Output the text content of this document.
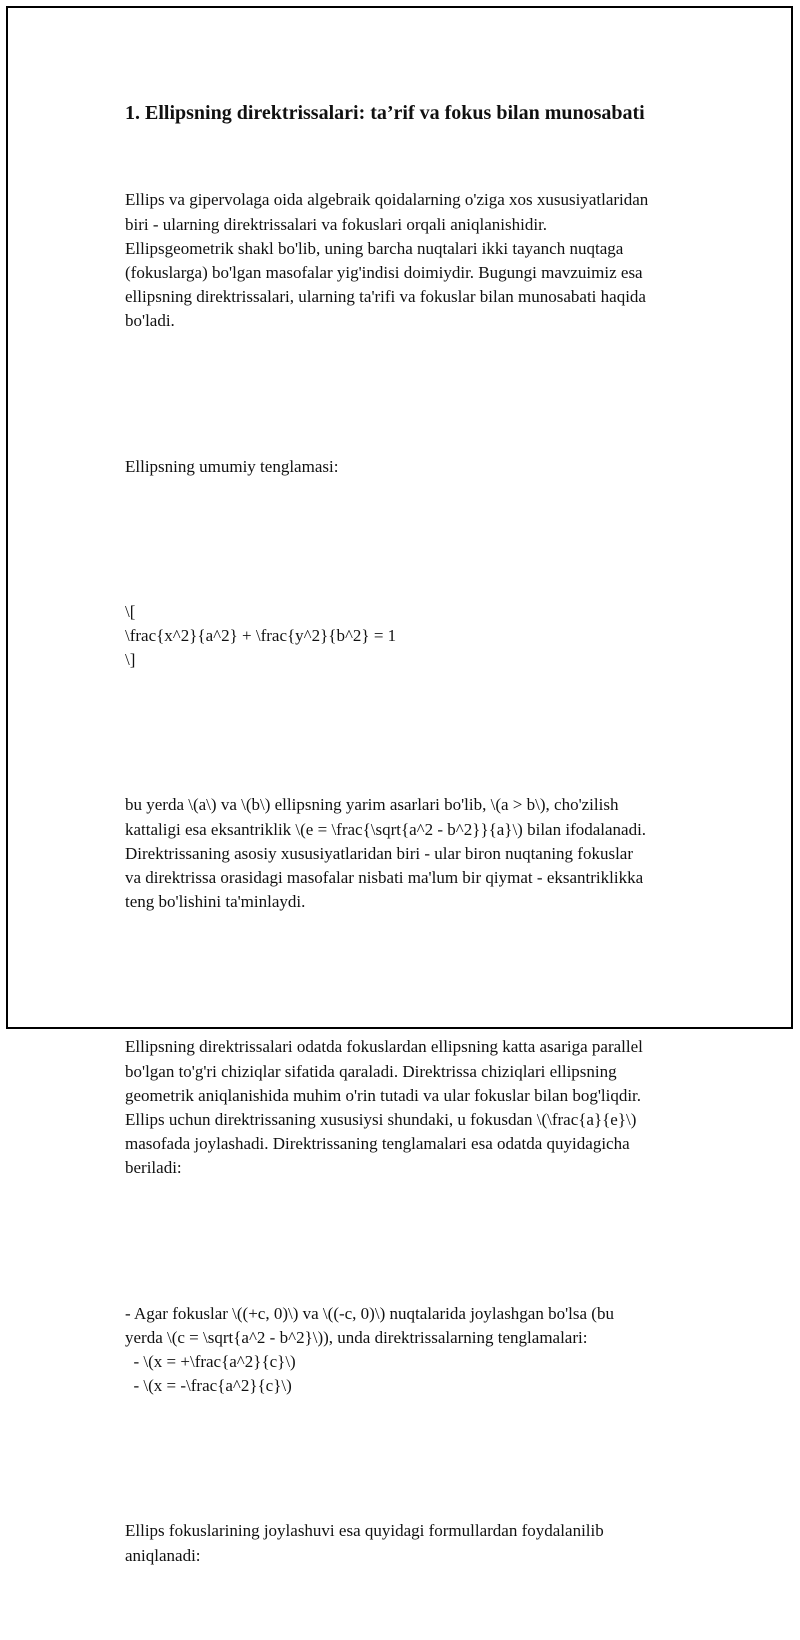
1. Ellipsning direktrissalari: ta’rif va fokus bilan munosabati

Ellips va gipervolaga oida algebraik qoidalarning o'ziga xos xususiyatlaridan
biri - ularning direktrissalari va fokuslari orqali aniqlanishidir.
Ellipsgeometrik shakl bo'lib, uning barcha nuqtalari ikki tayanch nuqtaga
(fokuslarga) bo'lgan masofalar yig'indisi doimiydir. Bugungi mavzuimiz esa
ellipsning direktrissalari, ularning ta'rifi va fokuslar bilan munosabati haqida
bo'ladi.

Ellipsning umumiy tenglamasi:

\[
\frac{x^2}{a^2} + \frac{y^2}{b^2} = 1
\]

bu yerda \(a\) va \(b\) ellipsning yarim asarlari bo'lib, \(a > b\), cho'zilish
kattaligi esa eksantriklik \(e = \frac{\sqrt{a^2 - b^2}}{a}\) bilan ifodalanadi.
Direktrissaning asosiy xususiyatlaridan biri - ular biron nuqtaning fokuslar
va direktrissa orasidagi masofalar nisbati ma'lum bir qiymat - eksantriklikka
teng bo'lishini ta'minlaydi.

Ellipsning direktrissalari odatda fokuslardan ellipsning katta asariga parallel
bo'lgan to'g'ri chiziqlar sifatida qaraladi. Direktrissa chiziqlari ellipsning
geometrik aniqlanishida muhim o'rin tutadi va ular fokuslar bilan bog'liqdir.
Ellips uchun direktrissaning xususiysi shundaki, u fokusdan \(\frac{a}{e}\)
masofada joylashadi. Direktrissaning tenglamalari esa odatda quyidagicha
beriladi:

- Agar fokuslar \((+c, 0)\) va \((-c, 0)\) nuqtalarida joylashgan bo'lsa (bu
yerda \(c = \sqrt{a^2 - b^2}\)), unda direktrissalarning tenglamalari:
- \(x = +\frac{a^2}{c}\)
- \(x = -\frac{a^2}{c}\)

Ellips fokuslarining joylashuvi esa quyidagi formullardan foydalanilib
aniqlanadi:
